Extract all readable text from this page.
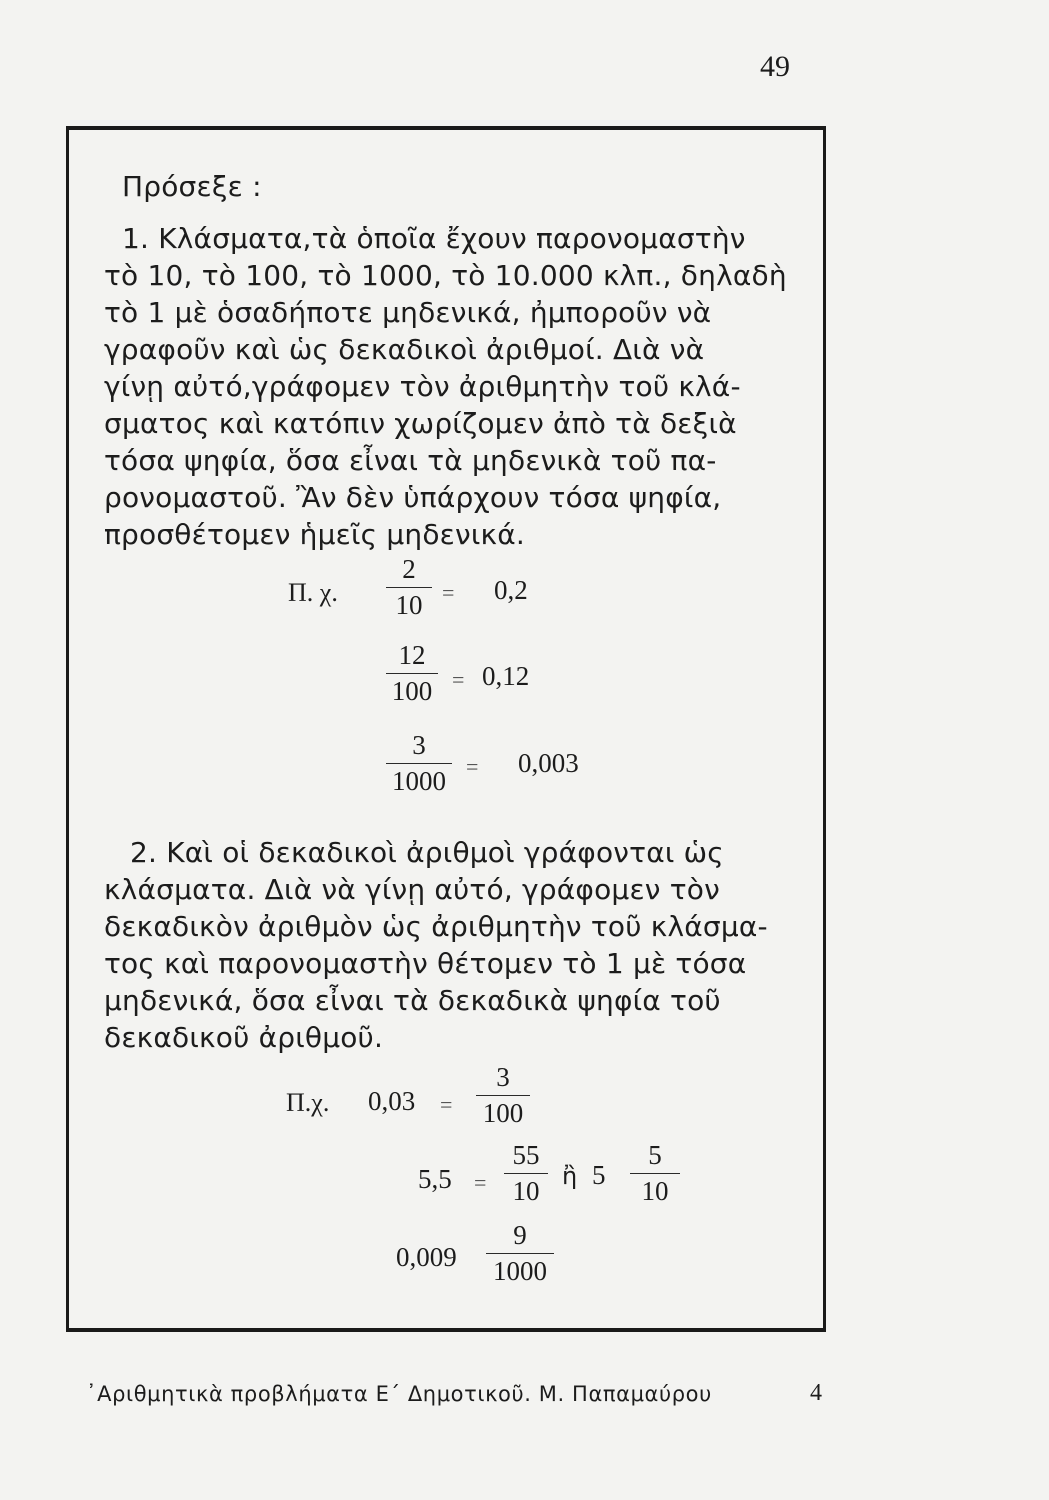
49
Πρόσεξε :
1. Κλάσματα,τὰ ὁποῖα ἔχουν παρονομαστὴν
τὸ 10, τὸ 100, τὸ 1000, τὸ 10.000 κλπ., δηλαδὴ
τὸ 1 μὲ ὁσαδήποτε μηδενικά, ἠμποροῦν νὰ
γραφοῦν καὶ ὡς δεκαδικοὶ ἀριθμοί. Διὰ νὰ
γίνῃ αὐτό,γράφομεν τὸν ἀριθμητὴν τοῦ κλά-
σματος καὶ κατόπιν χωρίζομεν ἀπὸ τὰ δεξιὰ
τόσα ψηφία, ὅσα εἶναι τὰ μηδενικὰ τοῦ πα-
ρονομαστοῦ. Ἂν δὲν ὑπάρχουν τόσα ψηφία,
προσθέτομεν ἡμεῖς μηδενικά.
Π. χ.
2
10 = 0,2
12
100 = 0,12
3
1000 = 0,003
2. Καὶ οἱ δεκαδικοὶ ἀριθμοὶ γράφονται ὡς
κλάσματα. Διὰ νὰ γίνῃ αὐτό, γράφομεν τὸν
δεκαδικὸν ἀριθμὸν ὡς ἀριθμητὴν τοῦ κλάσμα-
τος καὶ παρονομαστὴν θέτομεν τὸ 1 μὲ τόσα
μηδενικά, ὅσα εἶναι τὰ δεκαδικὰ ψηφία τοῦ
δεκαδικοῦ ἀριθμοῦ.
Π.χ. 0,03 =
3
100
5,5 =
55
10 ἢ 5
5
10
0,009
9
1000
᾿Αριθμητικὰ προβλήματα Ε΄ Δημοτικοῦ. Μ. Παπαμαύρου	4
